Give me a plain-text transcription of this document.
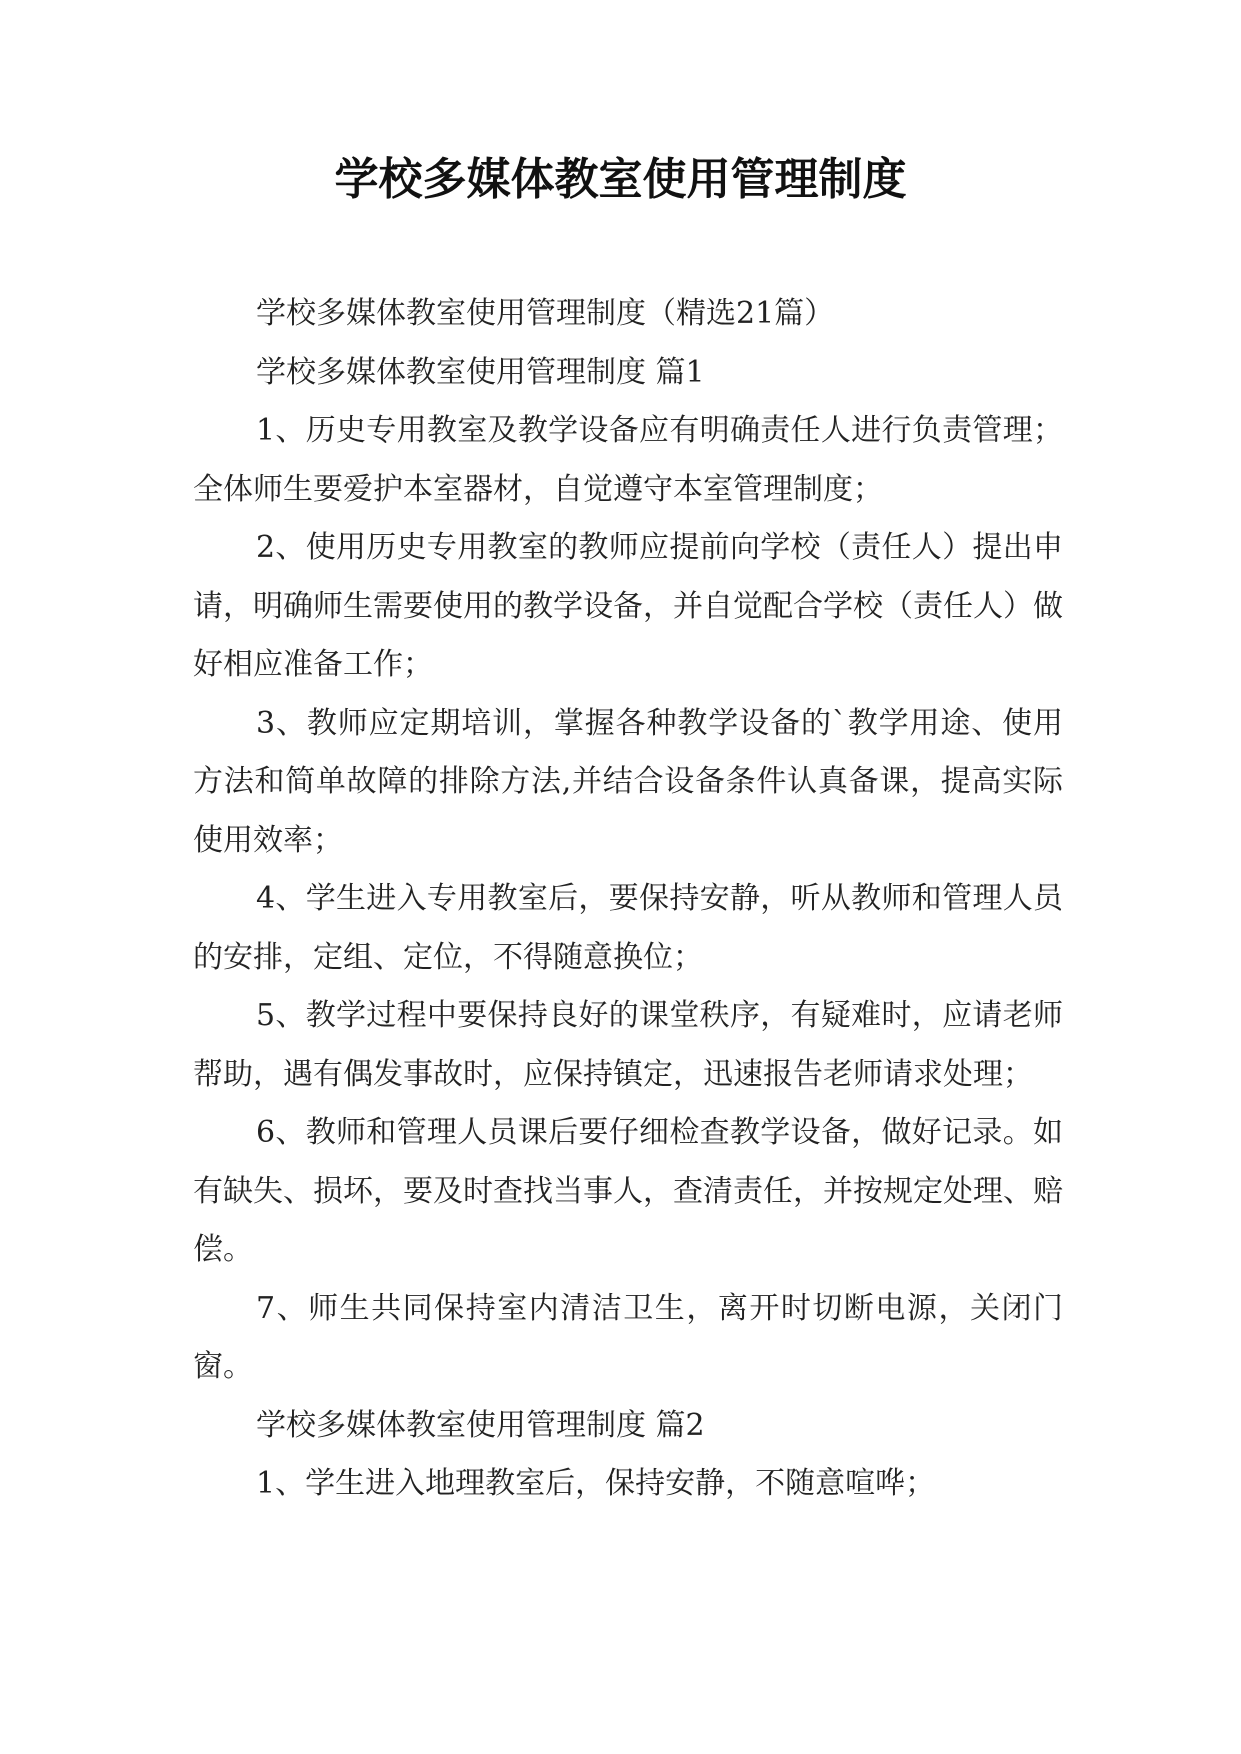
学校多媒体教室使用管理制度

学校多媒体教室使用管理制度（精选21篇）

学校多媒体教室使用管理制度 篇1

1、历史专用教室及教学设备应有明确责任人进行负责管理；全体师生要爱护本室器材，自觉遵守本室管理制度；

2、使用历史专用教室的教师应提前向学校（责任人）提出申请，明确师生需要使用的教学设备，并自觉配合学校（责任人）做好相应准备工作；

3、教师应定期培训，掌握各种教学设备的`教学用途、使用方法和简单故障的排除方法,并结合设备条件认真备课，提高实际使用效率；

4、学生进入专用教室后，要保持安静，听从教师和管理人员的安排，定组、定位，不得随意换位；

5、教学过程中要保持良好的课堂秩序，有疑难时，应请老师帮助，遇有偶发事故时，应保持镇定，迅速报告老师请求处理；

6、教师和管理人员课后要仔细检查教学设备，做好记录。如有缺失、损坏，要及时查找当事人，查清责任，并按规定处理、赔偿。

7、师生共同保持室内清洁卫生，离开时切断电源，关闭门窗。

学校多媒体教室使用管理制度 篇2

1、学生进入地理教室后，保持安静，不随意喧哗；
